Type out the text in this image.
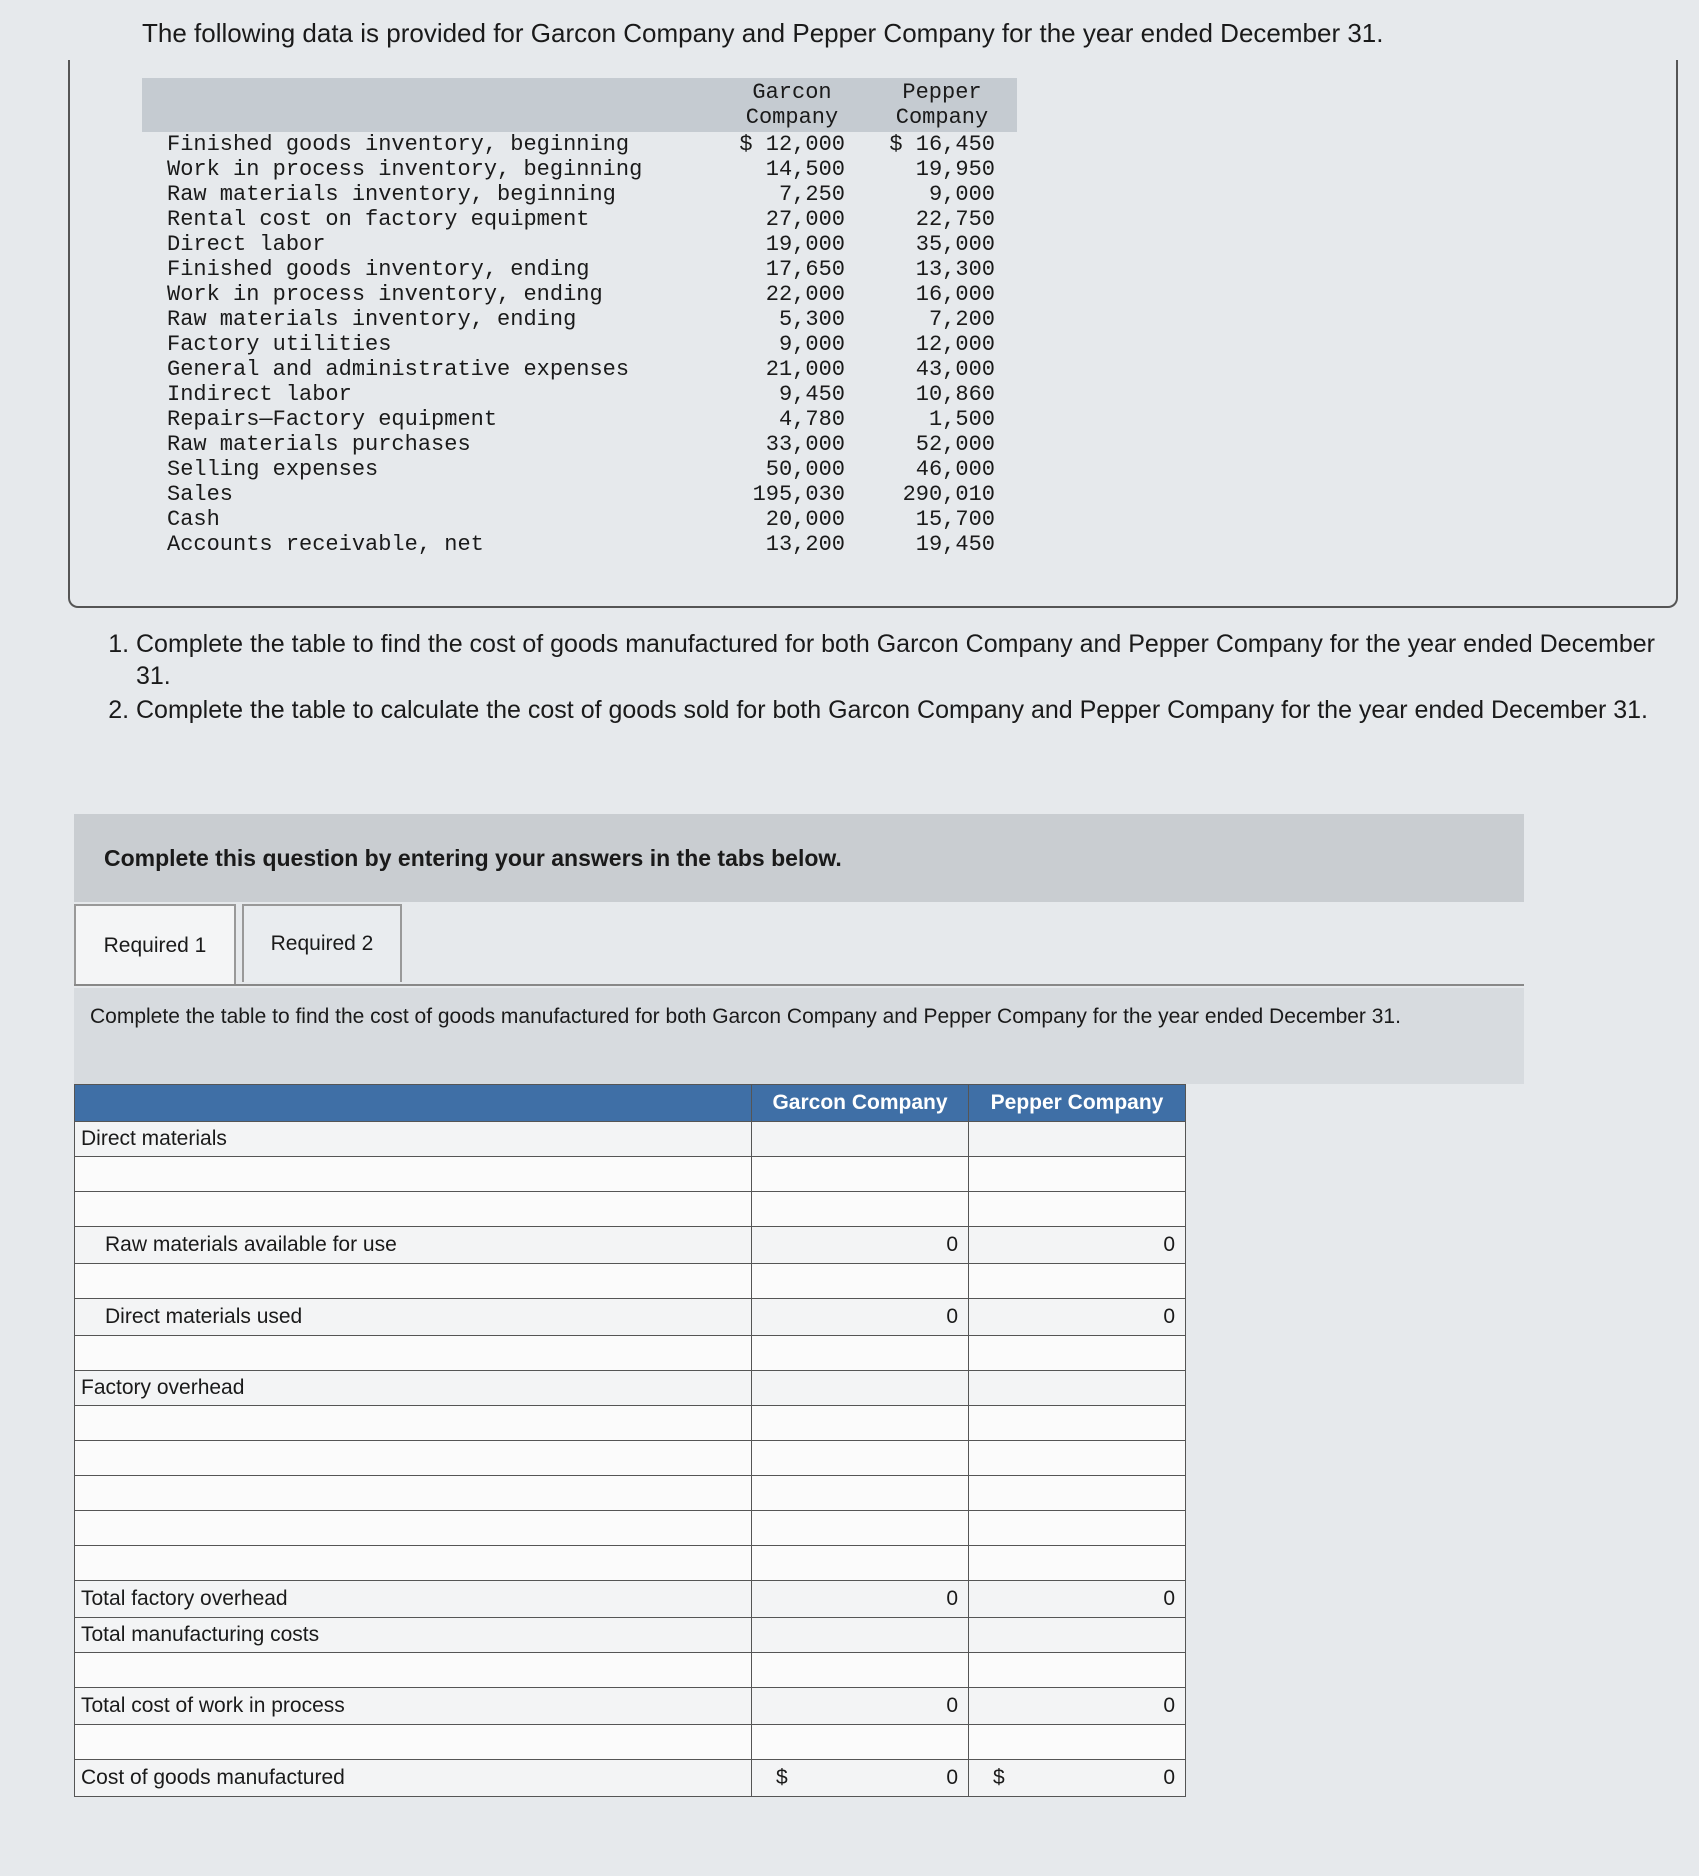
The following data is provided for Garcon Company and Pepper Company for the year ended December 31.

	Garcon Company	Pepper Company
Finished goods inventory, beginning	$ 12,000	$ 16,450
Work in process inventory, beginning	14,500	19,950
Raw materials inventory, beginning	7,250	9,000
Rental cost on factory equipment	27,000	22,750
Direct labor	19,000	35,000
Finished goods inventory, ending	17,650	13,300
Work in process inventory, ending	22,000	16,000
Raw materials inventory, ending	5,300	7,200
Factory utilities	9,000	12,000
General and administrative expenses	21,000	43,000
Indirect labor	9,450	10,860
Repairs—Factory equipment	4,780	1,500
Raw materials purchases	33,000	52,000
Selling expenses	50,000	46,000
Sales	195,030	290,010
Cash	20,000	15,700
Accounts receivable, net	13,200	19,450
1. Complete the table to find the cost of goods manufactured for both Garcon Company and Pepper Company for the year ended December 31.
2. Complete the table to calculate the cost of goods sold for both Garcon Company and Pepper Company for the year ended December 31.
Complete this question by entering your answers in the tabs below.
Required 1	Required 2
Complete the table to find the cost of goods manufactured for both Garcon Company and Pepper Company for the year ended December 31.
	Garcon Company	Pepper Company
Direct materials		

Raw materials available for use	0	0

Direct materials used	0	0

Factory overhead		

Total factory overhead	0	0
Total manufacturing costs		

Total cost of work in process	0	0

Cost of goods manufactured	$ 0	$ 0
